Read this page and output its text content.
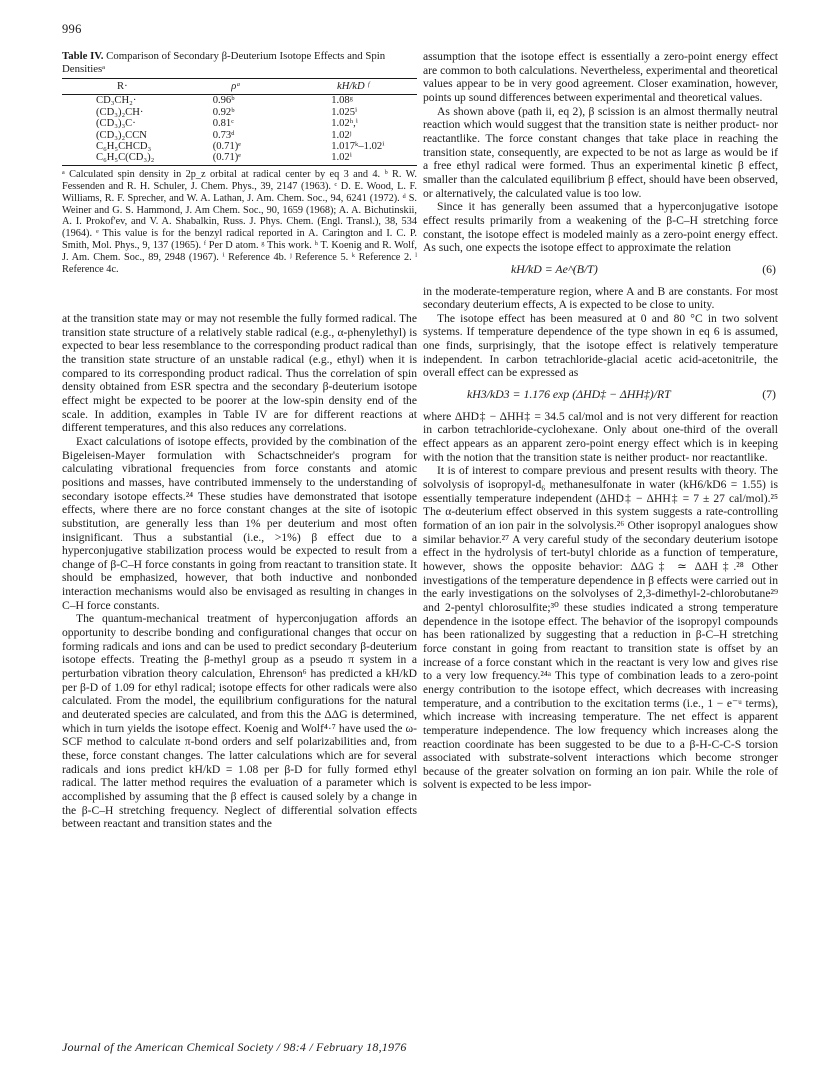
996
Table IV. Comparison of Secondary β-Deuterium Isotope Effects and Spin Densitiesᵃ
R·	ρᵃ	kH/kD ᶠ
CD₃CH₂·	0.96ᵇ	1.08ᵍ
(CD₃)₂CH·	0.92ᵇ	1.025ⁱ
(CD₃)₃C·	0.81ᶜ	1.02ʰ,ⁱ
(CD₃)₂CCN	0.73ᵈ	1.02ʲ
C₆H₅CHCD₃	(0.71)ᵉ	1.017ᵏ–1.02ⁱ
C₆H₅C(CD₃)₂	(0.71)ᵉ	1.02ⁱ
ᵃ Calculated spin density in 2p_z orbital at radical center by eq 3 and 4. ᵇ R. W. Fessenden and R. H. Schuler, J. Chem. Phys., 39, 2147 (1963). ᶜ D. E. Wood, L. F. Williams, R. F. Sprecher, and W. A. Lathan, J. Am. Chem. Soc., 94, 6241 (1972). ᵈ S. Weiner and G. S. Hammond, J. Am Chem. Soc., 90, 1659 (1968); A. A. Bichutinskii, A. I. Prokof'ev, and V. A. Shabalkin, Russ. J. Phys. Chem. (Engl. Transl.), 38, 534 (1964). ᵉ This value is for the benzyl radical reported in A. Carington and I. C. P. Smith, Mol. Phys., 9, 137 (1965). ᶠ Per D atom. ᵍ This work. ʰ T. Koenig and R. Wolf, J. Am. Chem. Soc., 89, 2948 (1967). ⁱ Reference 4b. ʲ Reference 5. ᵏ Reference 2. ˡ Reference 4c.

at the transition state may or may not resemble the fully formed radical. The transition state structure of a relatively stable radical (e.g., α-phenylethyl) is expected to bear less resemblance to the corresponding product radical than the transition state structure of an unstable radical (e.g., ethyl) when it is compared to its corresponding product radical. Thus the correlation of spin density obtained from ESR spectra and the secondary β-deuterium isotope effect might be expected to be poorer at the low-spin density end of the scale. In addition, examples in Table IV are for different reactions at different temperatures, and this also reduces any correlations.

Exact calculations of isotope effects, provided by the combination of the Bigeleisen-Mayer formulation with Schactschneider's program for calculating vibrational frequencies from force constants and atomic positions and masses, have contributed immensely to the understanding of secondary isotope effects.²⁴ These studies have demonstrated that isotope effects, where there are no force constant changes at the site of isotopic substitution, are generally less than 1% per deuterium and most often insignificant. Thus a substantial (i.e., >1%) β effect due to a hyperconjugative stabilization process would be expected to result from a change of β-C–H force constants in going from reactant to transition state. It should be emphasized, however, that both inductive and nonbonded interaction mechanisms would also be envisaged as resulting in changes in C–H force constants.

The quantum-mechanical treatment of hyperconjugation affords an opportunity to describe bonding and configurational changes that occur on forming radicals and ions and can be used to predict secondary β-deuterium isotope effects. Treating the β-methyl group as a pseudo π system in a perturbation vibration theory calculation, Ehrenson⁶ has predicted a kH/kD per β-D of 1.09 for ethyl radical; isotope effects for other radicals were also calculated. From the model, the equilibrium configurations for the natural and deuterated species are calculated, and from this the ΔΔG is determined, which in turn yields the isotope effect. Koenig and Wolf⁴·⁷ have used the ω-SCF method to calculate π-bond orders and self polarizabilities and, from these, force constant changes. The latter calculations which are for several radicals and ions predict kH/kD = 1.08 per β-D for fully formed ethyl radical. The latter method requires the evaluation of a parameter which is accomplished by assuming that the β effect is caused solely by a change in the β-C–H stretching frequency. Neglect of differential solvation effects between reactant and transition states and the

assumption that the isotope effect is essentially a zero-point energy effect are common to both calculations. Nevertheless, experimental and theoretical values appear to be in very good agreement. Closer examination, however, points up sound differences between experimental and theoretical values.

As shown above (path ii, eq 2), β scission is an almost thermally neutral reaction which would suggest that the transition state is neither product- nor reactantlike. The force constant changes that take place in reaching the transition state, consequently, are expected to be not as large as would be if a free ethyl radical were formed. Thus an experimental kinetic β effect, smaller than the calculated equilibrium β effect, should have been observed, or alternatively, the calculated value is too low.

Since it has generally been assumed that a hyperconjugative isotope effect results primarily from a weakening of the β-C–H stretching force constant, the isotope effect is modeled mainly as a zero-point energy effect. As such, one expects the isotope effect to approximate the relation

kH/kD = Ae^(B/T)	(6)

in the moderate-temperature region, where A and B are constants. For most secondary deuterium effects, A is expected to be close to unity.

The isotope effect has been measured at 0 and 80 °C in two solvent systems. If temperature dependence of the type shown in eq 6 is assumed, one finds, surprisingly, that the isotope effect is relatively temperature independent. In carbon tetrachloride-glacial acetic acid-acetonitrile, the overall effect can be expressed as

kH3/kD3 = 1.176 exp (ΔHD‡ − ΔHH‡)/RT	(7)

where ΔHD‡ − ΔHH‡ = 34.5 cal/mol and is not very different for reaction in carbon tetrachloride-cyclohexane. Only about one-third of the overall effect appears as an apparent zero-point energy effect which is in keeping with the notion that the transition state is neither product- nor reactantlike.

It is of interest to compare previous and present results with theory. The solvolysis of isopropyl-d₆ methanesulfonate in water (kH6/kD6 = 1.55) is essentially temperature independent (ΔHD‡ − ΔHH‡ = 7 ± 27 cal/mol).²⁵ The α-deuterium effect observed in this system suggests a rate-controlling formation of an ion pair in the solvolysis.²⁶ Other isopropyl analogues show similar behavior.²⁷ A very careful study of the secondary deuterium isotope effect in the hydrolysis of tert-butyl chloride as a function of temperature, however, shows the opposite behavior: ΔΔG‡ ≃ ΔΔH‡.²⁸ Other investigations of the temperature dependence in β effects were carried out in the early investigations on the solvolyses of 2,3-dimethyl-2-chlorobutane²⁹ and 2-pentyl chlorosulfite;³⁰ these studies indicated a strong temperature dependence in the isotope effect. The behavior of the isopropyl compounds has been rationalized by suggesting that a reduction in β-C–H stretching force constant in going from reactant to transition state is offset by an increase of a force constant which in the reactant is very low and gives rise to a very low frequency.²⁴ᵃ This type of combination leads to a zero-point energy contribution to the isotope effect, which decreases with increasing temperature, and a contribution to the excitation terms (i.e., 1 − e⁻ᵘ terms), which increase with increasing temperature. The net effect is apparent temperature independence. The low frequency which increases along the reaction coordinate has been suggested to be due to a β-H-C-C-S torsion associated with substrate-solvent interactions which become stronger because of the greater solvation on forming an ion pair. While the role of solvent is expected to be less impor-

Journal of the American Chemical Society / 98:4 / February 18,1976
